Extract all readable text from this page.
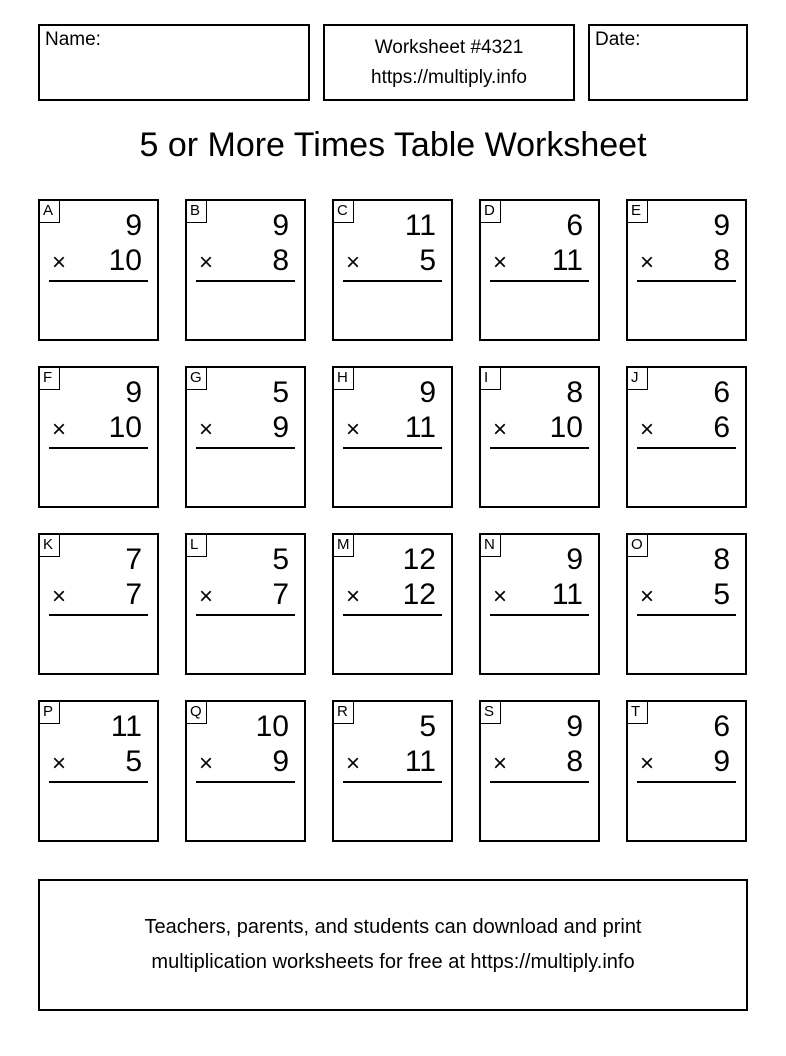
Name:	Worksheet #4321
https://multiply.info
Date:
5 or More Times Table Worksheet
A 9
× 10
B 9
× 8
C 11
× 5
D 6
× 11
E 9
× 8
F 9
× 10
G 5
× 9
H 9
× 11
I	8
× 10
J	6
× 6
K 7
× 7
L 5
× 7
M 12
× 12
N 9
× 11
O 8
× 5
P 11
× 5
Q 10
× 9
R 5
× 11
S 9
× 8
T 6
× 9
Teachers, parents, and students can download and print
multiplication worksheets for free at https://multiply.info
